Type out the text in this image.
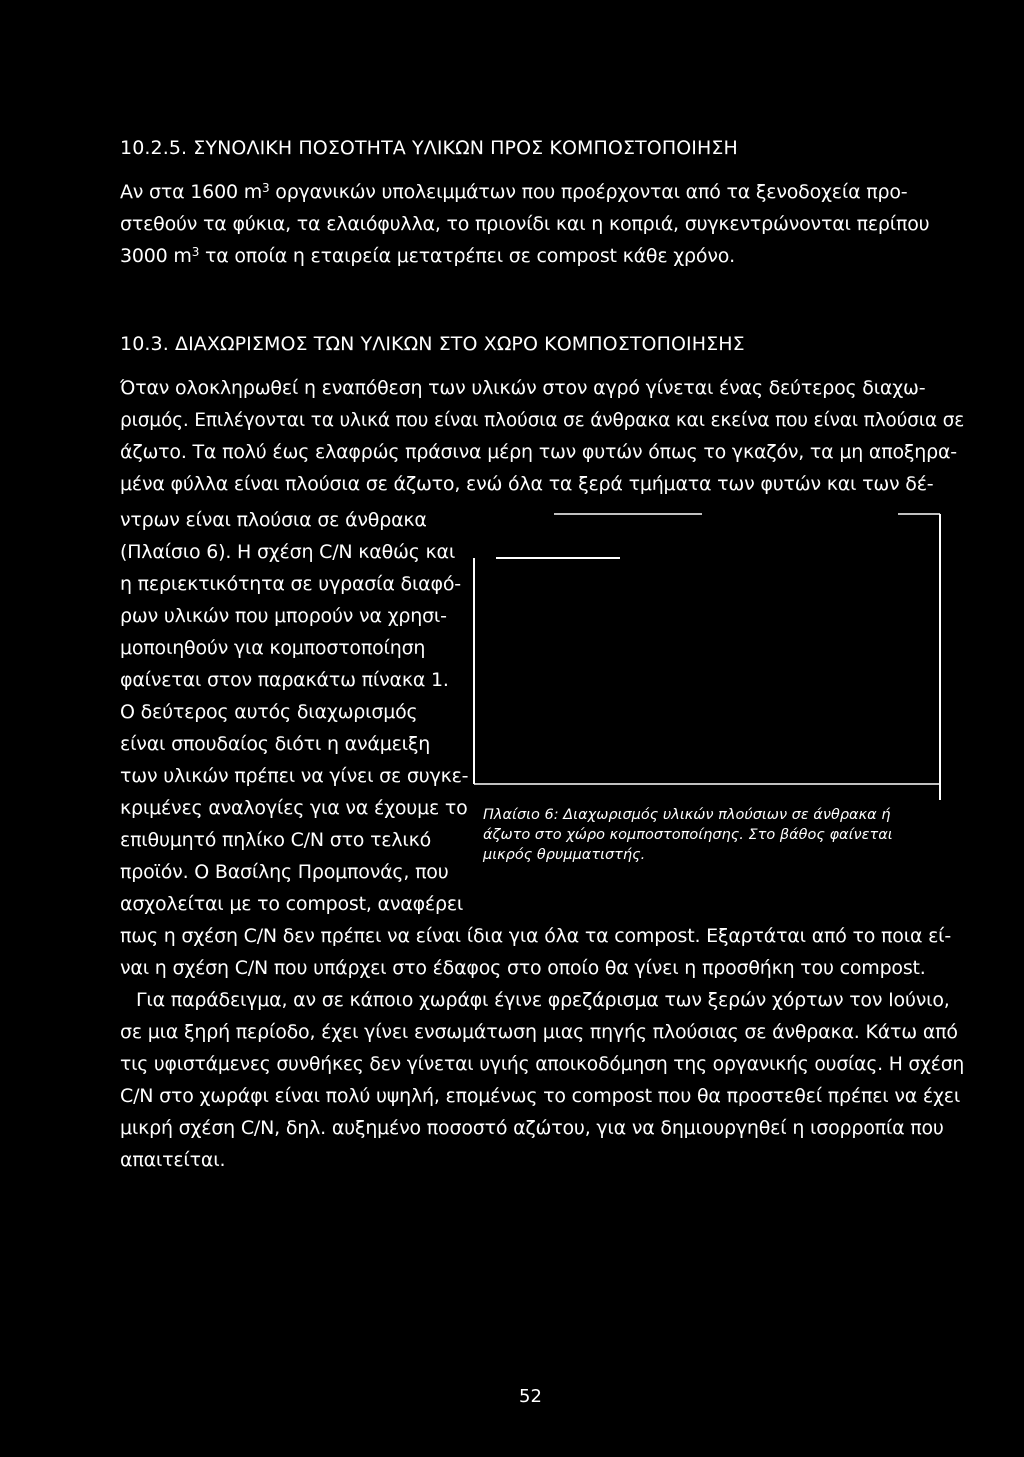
10.2.5. ΣΥΝΟΛΙΚΗ ΠΟΣΟΤΗΤΑ ΥΛΙΚΩΝ ΠΡΟΣ ΚΟΜΠΟΣΤΟΠΟΙΗΣΗ
Αν στα 1600 $m^3$ οργανικών υπολειμμάτων που προέρχονται από τα ξενοδοχεία προ-
στεθούν τα φύκια, τα ελαιόφυλλα, το πριονίδι και η κοπριά, συγκεντρώνονται περίπου
3000 $m^3$ τα οποία η εταιρεία μετατρέπει σε compost κάθε χρόνο.
10.3. ΔΙΑΧΩΡΙΣΜΟΣ ΤΩΝ ΥΛΙΚΩΝ ΣΤΟ ΧΩΡΟ ΚΟΜΠΟΣΤΟΠΟΙΗΣΗΣ
Όταν ολοκληρωθεί η εναπόθεση των υλικών στον αγρό γίνεται ένας δεύτερος διαχω-
ρισμός. Επιλέγονται τα υλικά που είναι πλούσια σε άνθρακα και εκείνα που είναι πλούσια σε
άζωτο. Τα πολύ έως ελαφρώς πράσινα μέρη των φυτών όπως το γκαζόν, τα μη αποξηρα-
μένα φύλλα είναι πλούσια σε άζωτο, ενώ όλα τα ξερά τμήματα των φυτών και των δέ-
ντρων είναι πλούσια σε άνθρακα
(Πλαίσιο 6). Η σχέση C/N καθώς και
η περιεκτικότητα σε υγρασία διαφό-
ρων υλικών που μπορούν να χρησι-
μοποιηθούν για κομποστοποίηση
φαίνεται στον παρακάτω πίνακα 1.
Ο δεύτερος αυτός διαχωρισμός
είναι σπουδαίος διότι η ανάμειξη
των υλικών πρέπει να γίνει σε συγκε-
κριμένες αναλογίες για να έχουμε το
επιθυμητό πηλίκο C/N στο τελικό
προϊόν. Ο Βασίλης Προμπονάς, που
ασχολείται με το compost, αναφέρει
Πλαίσιο 6: Διαχωρισμός υλικών πλούσιων σε άνθρακα ή
άζωτο στο χώρο κομποστοποίησης. Στο βάθος φαίνεται
μικρός θρυμματιστής.
πως η σχέση C/N δεν πρέπει να είναι ίδια για όλα τα compost. Εξαρτάται από το ποια εί-
ναι η σχέση C/N που υπάρχει στο έδαφος στο οποίο θα γίνει η προσθήκη του compost.
Για παράδειγμα, αν σε κάποιο χωράφι έγινε φρεζάρισμα των ξερών χόρτων τον Ιούνιο,
σε μια ξηρή περίοδο, έχει γίνει ενσωμάτωση μιας πηγής πλούσιας σε άνθρακα. Κάτω από
τις υφιστάμενες συνθήκες δεν γίνεται υγιής αποικοδόμηση της οργανικής ουσίας. Η σχέση
C/N στο χωράφι είναι πολύ υψηλή, επομένως το compost που θα προστεθεί πρέπει να έχει
μικρή σχέση C/N, δηλ. αυξημένο ποσοστό αζώτου, για να δημιουργηθεί η ισορροπία που
απαιτείται.
52
